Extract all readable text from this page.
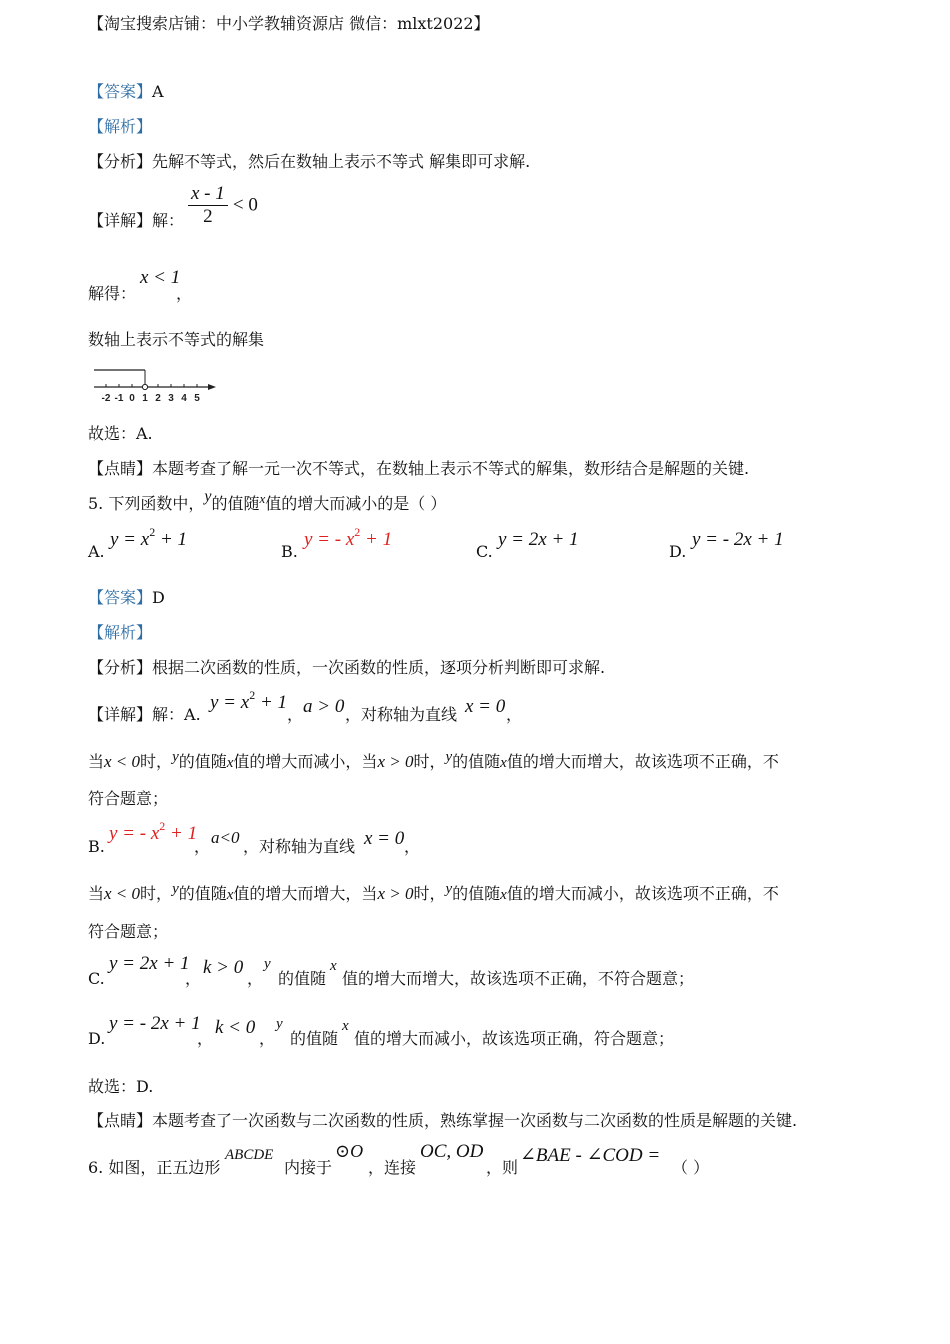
【淘宝搜索店铺：中小学教辅资源店 微信：mlxt2022】
【答案】A
【解析】
【分析】先解不等式，然后在数轴上表示不等式 解集即可求解.
【详解】解： $\frac{x - 1}{2} < 0$
解得：
x < 1
，
数轴上表示不等式的解集
-2 -1 0 1 2 3 4 5
故选：A.
【点睛】本题考查了解一元一次不等式，在数轴上表示不等式的解集，数形结合是解题的关键.
5. 下列函数中，y的值随$^x$值的增大而减小的是（ ）
A.
$y = x^2 + 1$
B.
y = - $x^2 + 1$
C.
y = 2x + 1
D.
y = - 2x + 1
【答案】D
【解析】
【分析】根据二次函数的性质，一次函数的性质，逐项分析判断即可求解.
【详解】解：A.
$y = x^2 + 1$
， a > 0 ，对称轴为直线 x = 0 ，
当x < 0时，y的值随x值的增大而减小，当x > 0时，y的值随x值的增大而增大，故该选项不正确，不
符合题意；
B.
y = - $x^2 + 1$
， a<0 ，对称轴为直线 x = 0 ，
当x < 0时，y的值随x值的增大而增大，当x > 0时，y的值随x值的增大而减小，故该选项不正确，不
符合题意；
C.
y = 2x + 1
，
k > 0
，
y
的值随
x
值的增大而增大，故该选项不正确，不符合题意；
D.
y = - 2x + 1
，
k < 0
，
y
的值随
x
值的增大而减小，故该选项正确，符合题意；
故选：D.
【点睛】本题考查了一次函数与二次函数的性质，熟练掌握一次函数与二次函数的性质是解题的关键.
6. 如图，正五边形
ABCDE
内接于
⊙O
，连接
OC, OD
，则
∠BAE - ∠COD =
（ ）
